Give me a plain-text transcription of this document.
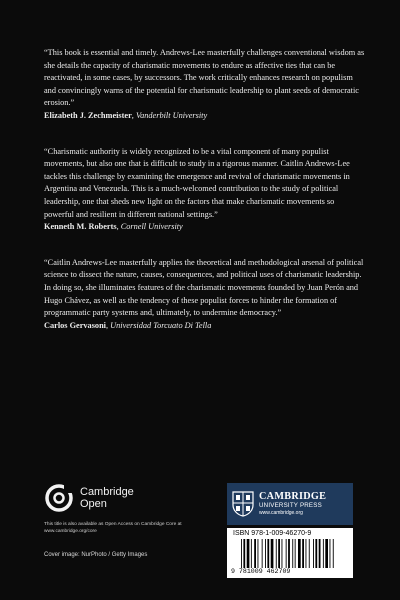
“This book is essential and timely. Andrews-Lee masterfully challenges conventional wisdom as she details the capacity of charismatic movements to endure as affective ties that can be reactivated, in some cases, by successors. The work critically enhances research on populism and convincingly warns of the potential for charismatic leadership to plant seeds of democratic erosion.”

Elizabeth J. Zechmeister, Vanderbilt University

“Charismatic authority is widely recognized to be a vital component of many populist movements, but also one that is difficult to study in a rigorous manner. Caitlin Andrews-Lee tackles this challenge by examining the emergence and revival of charismatic movements in Argentina and Venezuela. This is a much-welcomed contribution to the study of political leadership, one that sheds new light on the factors that make charismatic movements so powerful and resilient in different national settings.”

Kenneth M. Roberts, Cornell University

“Caitlin Andrews-Lee masterfully applies the theoretical and methodological arsenal of political science to dissect the nature, causes, consequences, and political uses of charismatic leadership. In doing so, she illuminates features of the charismatic movements founded by Juan Perón and Hugo Chávez, as well as the tendency of these populist forces to hinder the formation of programmatic party systems and, ultimately, to undermine democracy.”

Carlos Gervasoni, Universidad Torcuato Di Tella

Cambridge
Open

This title is also available as Open Access on Cambridge Core at www.cambridge.org/core

Cover image: NurPhoto / Getty Images

CAMBRIDGE
UNIVERSITY PRESS
www.cambridge.org

ISBN 978-1-009-46270-9

9 781009 462709
